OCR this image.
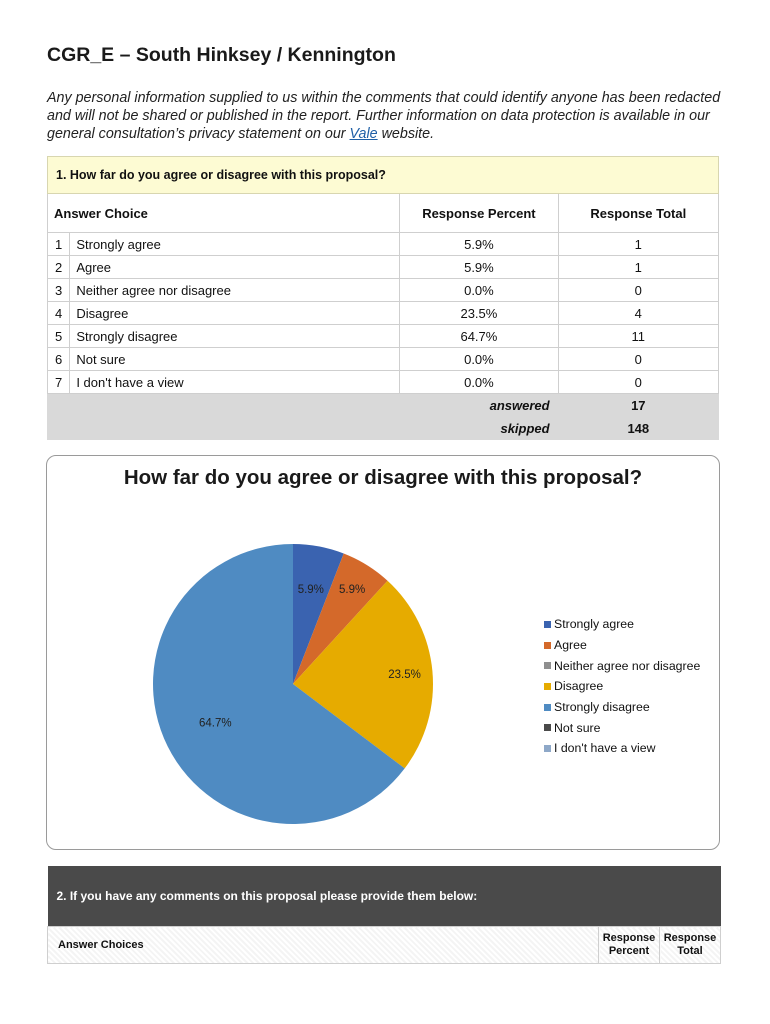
CGR_E – South Hinksey / Kennington

Any personal information supplied to us within the comments that could identify anyone has been redacted and will not be shared or published in the report. Further information on data protection is available in our general consultation’s privacy statement on our Vale website.

1. How far do you agree or disagree with this proposal?			
Answer Choice		Response Percent	Response Total
1	Strongly agree	5.9%	1
2	Agree	5.9%	1
3	Neither agree nor disagree	0.0%	0
4	Disagree	23.5%	4
5	Strongly disagree	64.7%	11
6	Not sure	0.0%	0
7	I don't have a view	0.0%	0
answered			17
skipped			148
How far do you agree or disagree with this proposal?
5.9% 5.9%
23.5%
64.7%
Strongly agree
Agree
Neither agree nor disagree
Disagree
Strongly disagree
Not sure
I don't have a view
2. If you have any comments on this proposal please provide them below:
Answer Choices	Response Percent	Response Total
